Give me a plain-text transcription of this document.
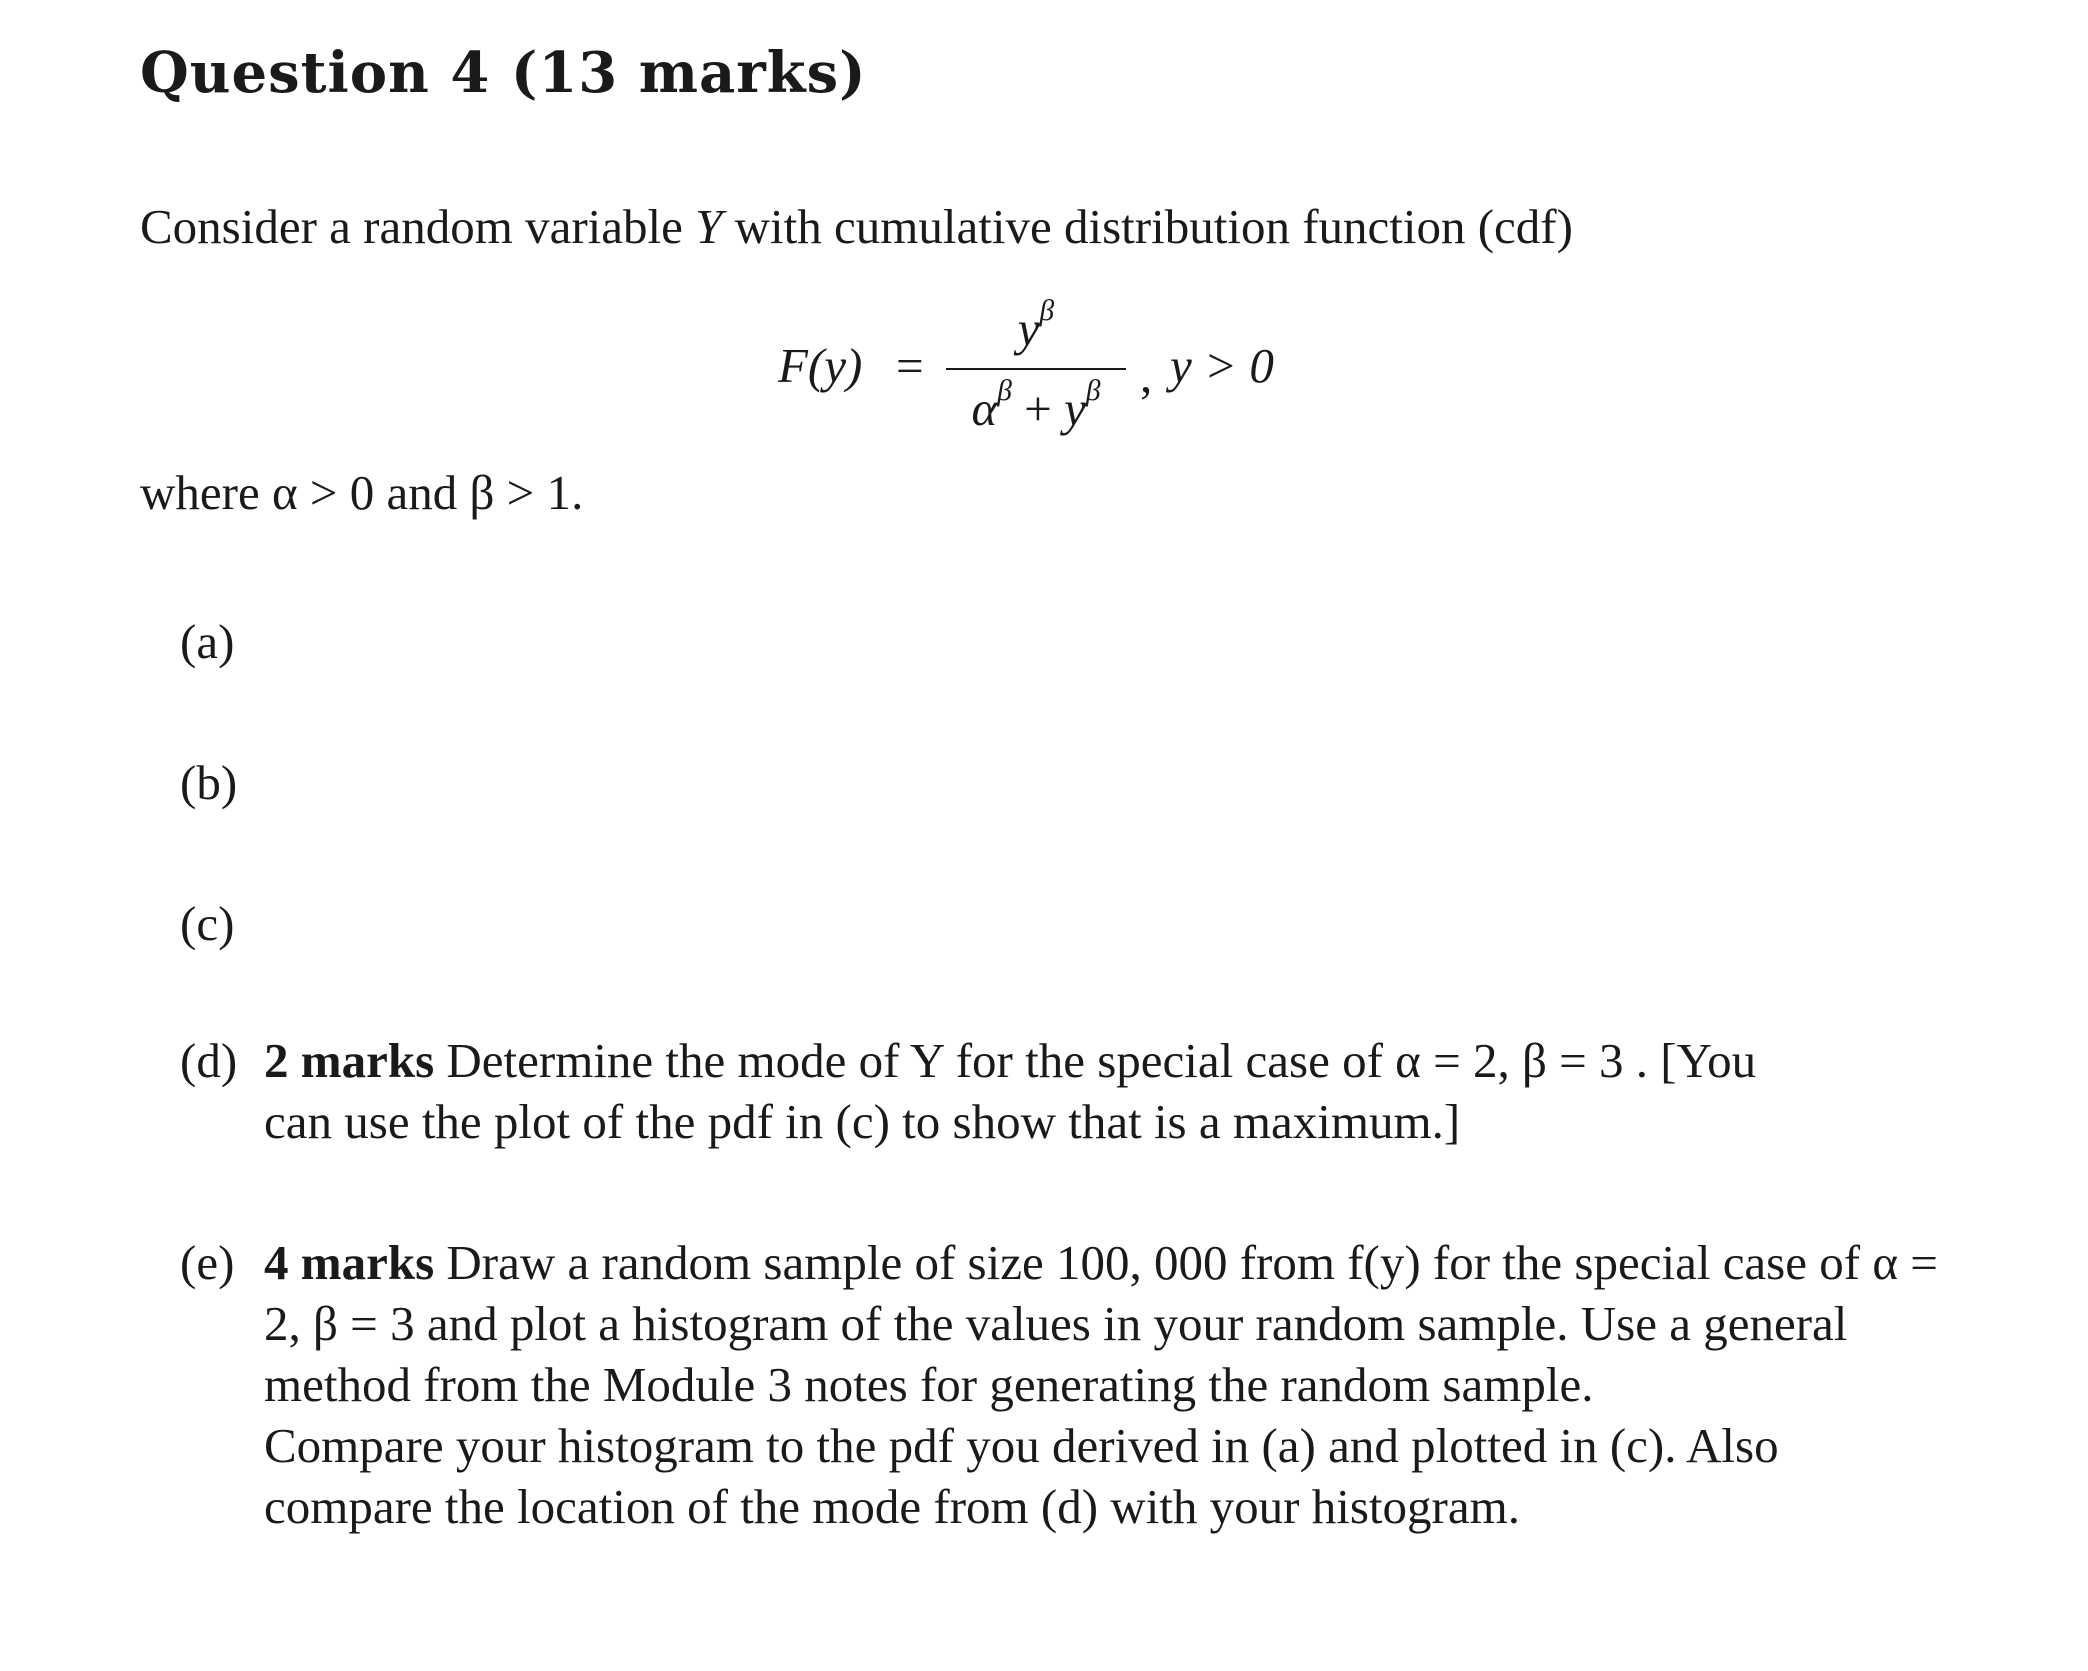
Question 4 (13 marks)
Consider a random variable Y with cumulative distribution function (cdf)
F(y) =
$y^\beta$
$\alpha^\beta + y^\beta$ , y > 0
where α > 0 and β > 1.
(a)
(b)
(c)
(d) 2 marks Determine the mode of Y for the special case of α = 2, β = 3 . [You
can use the plot of the pdf in (c) to show that is a maximum.]
(e) 4 marks Draw a random sample of size 100, 000 from f(y) for the special case of α = 2, β = 3 and plot a histogram of the values in your random sample. Use a general method from the Module 3 notes for generating the random sample.
Compare your histogram to the pdf you derived in (a) and plotted in (c). Also compare the location of the mode from (d) with your histogram.
